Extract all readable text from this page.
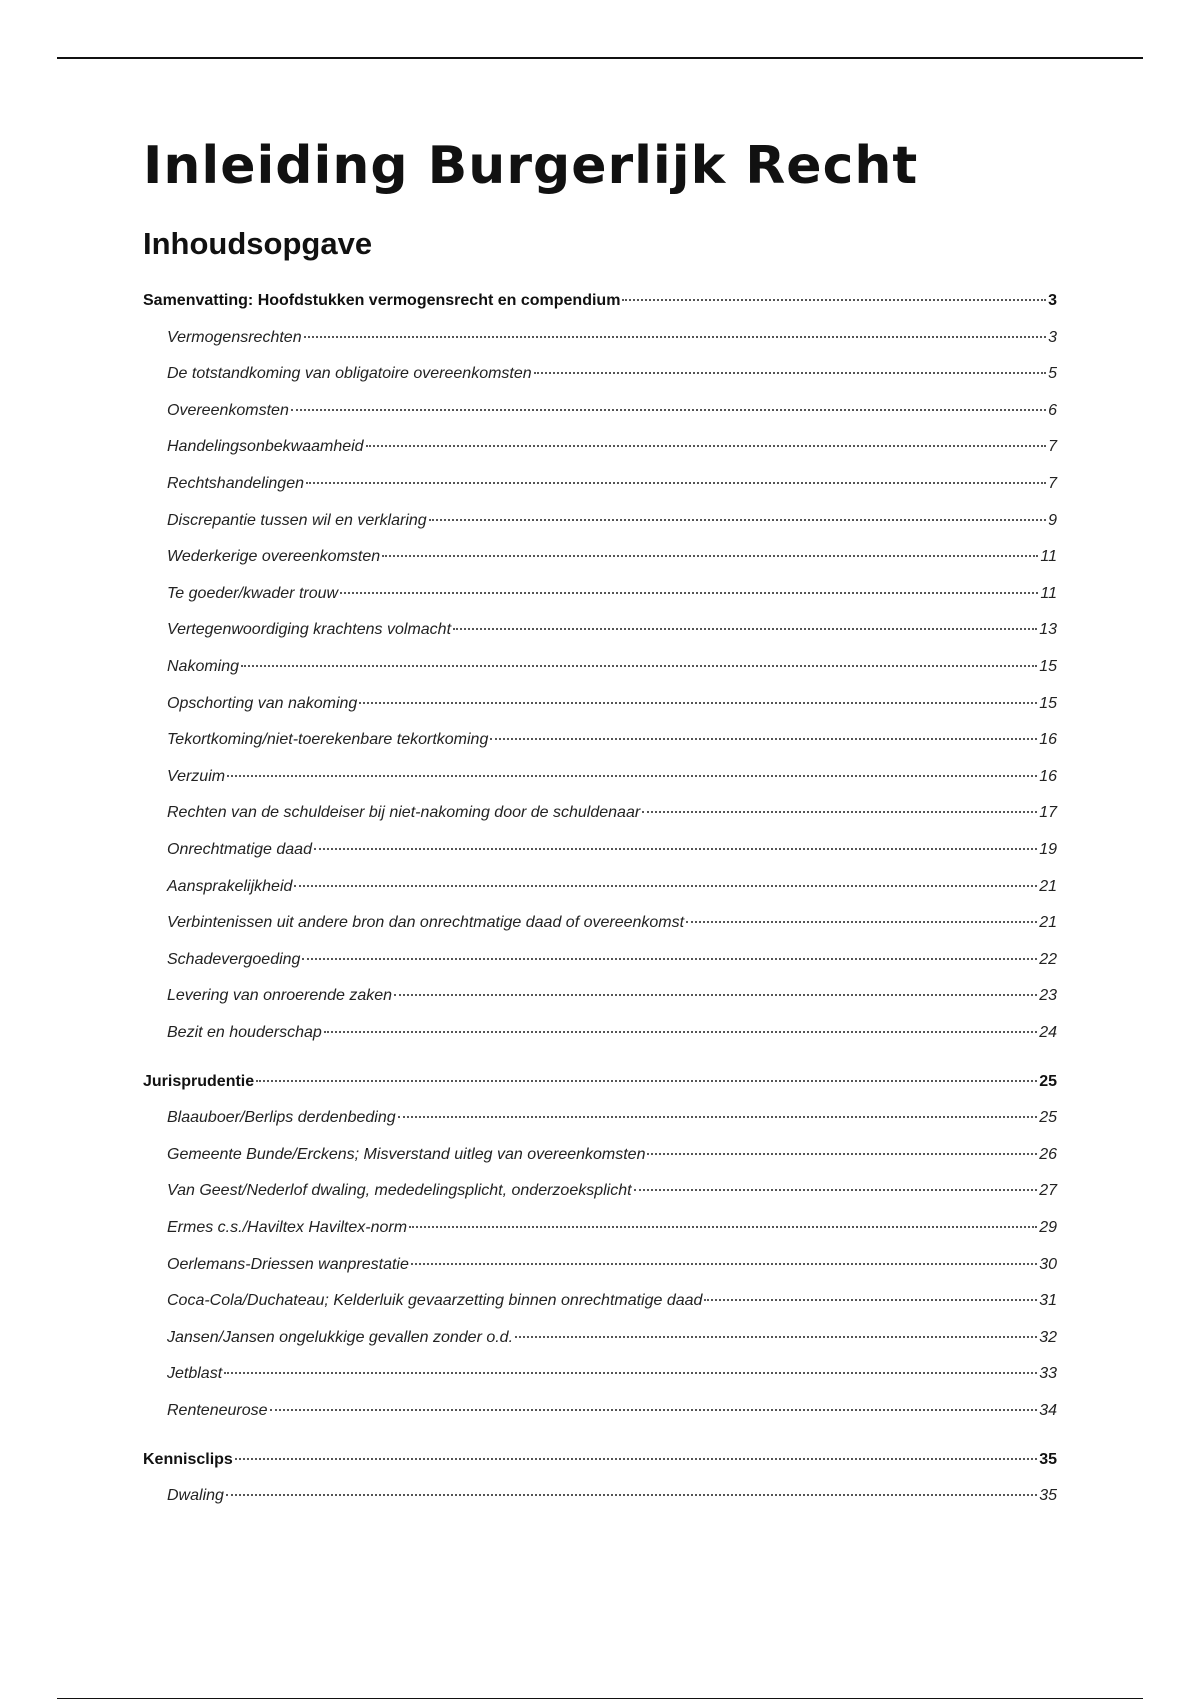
Inleiding Burgerlijk Recht
Inhoudsopgave
Samenvatting: Hoofdstukken vermogensrecht en compendium	3
Vermogensrechten	3
De totstandkoming van obligatoire overeenkomsten	5
Overeenkomsten	6
Handelingsonbekwaamheid	7
Rechtshandelingen	7
Discrepantie tussen wil en verklaring	9
Wederkerige overeenkomsten	11
Te goeder/kwader trouw	11
Vertegenwoordiging krachtens volmacht	13
Nakoming	15
Opschorting van nakoming	15
Tekortkoming/niet-toerekenbare tekortkoming	16
Verzuim	16
Rechten van de schuldeiser bij niet-nakoming door de schuldenaar	17
Onrechtmatige daad	19
Aansprakelijkheid	21
Verbintenissen uit andere bron dan onrechtmatige daad of overeenkomst	21
Schadevergoeding	22
Levering van onroerende zaken	23
Bezit en houderschap	24
Jurisprudentie	25
Blaauboer/Berlips derdenbeding	25
Gemeente Bunde/Erckens; Misverstand uitleg van overeenkomsten	26
Van Geest/Nederlof dwaling, mededelingsplicht, onderzoeksplicht	27
Ermes c.s./Haviltex Haviltex-norm	29
Oerlemans-Driessen wanprestatie	30
Coca-Cola/Duchateau; Kelderluik gevaarzetting binnen onrechtmatige daad	31
Jansen/Jansen ongelukkige gevallen zonder o.d.	32
Jetblast	33
Renteneurose	34
Kennisclips	35
Dwaling	35
